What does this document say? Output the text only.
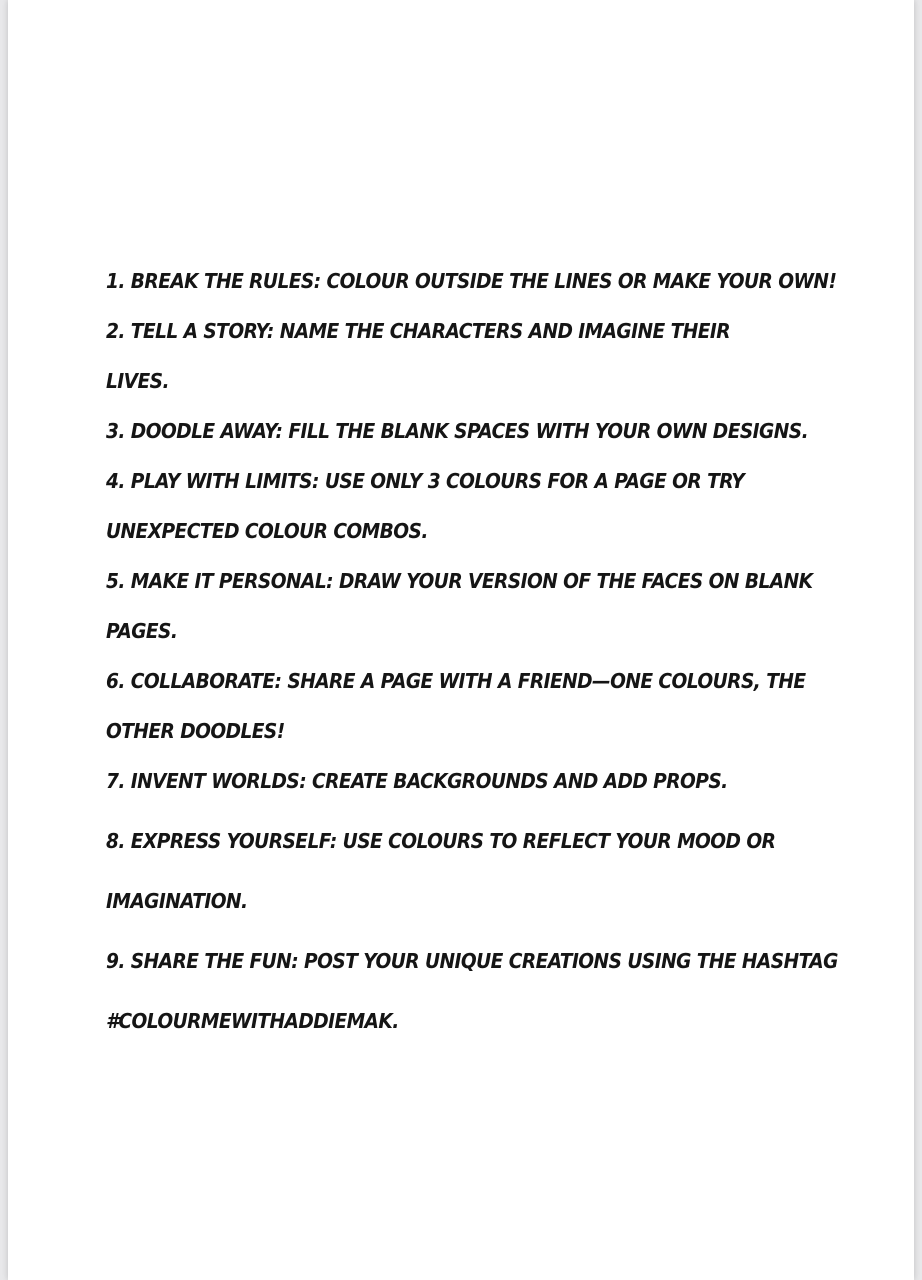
1. BREAK THE RULES: COLOUR OUTSIDE THE LINES OR MAKE YOUR OWN!
2. TELL A STORY: NAME THE CHARACTERS AND IMAGINE THEIR
LIVES.
3. DOODLE AWAY: FILL THE BLANK SPACES WITH YOUR OWN DESIGNS.
4. PLAY WITH LIMITS: USE ONLY 3 COLOURS FOR A PAGE OR TRY
UNEXPECTED COLOUR COMBOS.
5. MAKE IT PERSONAL: DRAW YOUR VERSION OF THE FACES ON BLANK
PAGES.
6. COLLABORATE: SHARE A PAGE WITH A FRIEND—ONE COLOURS, THE
OTHER DOODLES!
7. INVENT WORLDS: CREATE BACKGROUNDS AND ADD PROPS.
8. EXPRESS YOURSELF: USE COLOURS TO REFLECT YOUR MOOD OR
IMAGINATION.
9. SHARE THE FUN: POST YOUR UNIQUE CREATIONS USING THE HASHTAG
#COLOURMEWITHADDIEMAK.
